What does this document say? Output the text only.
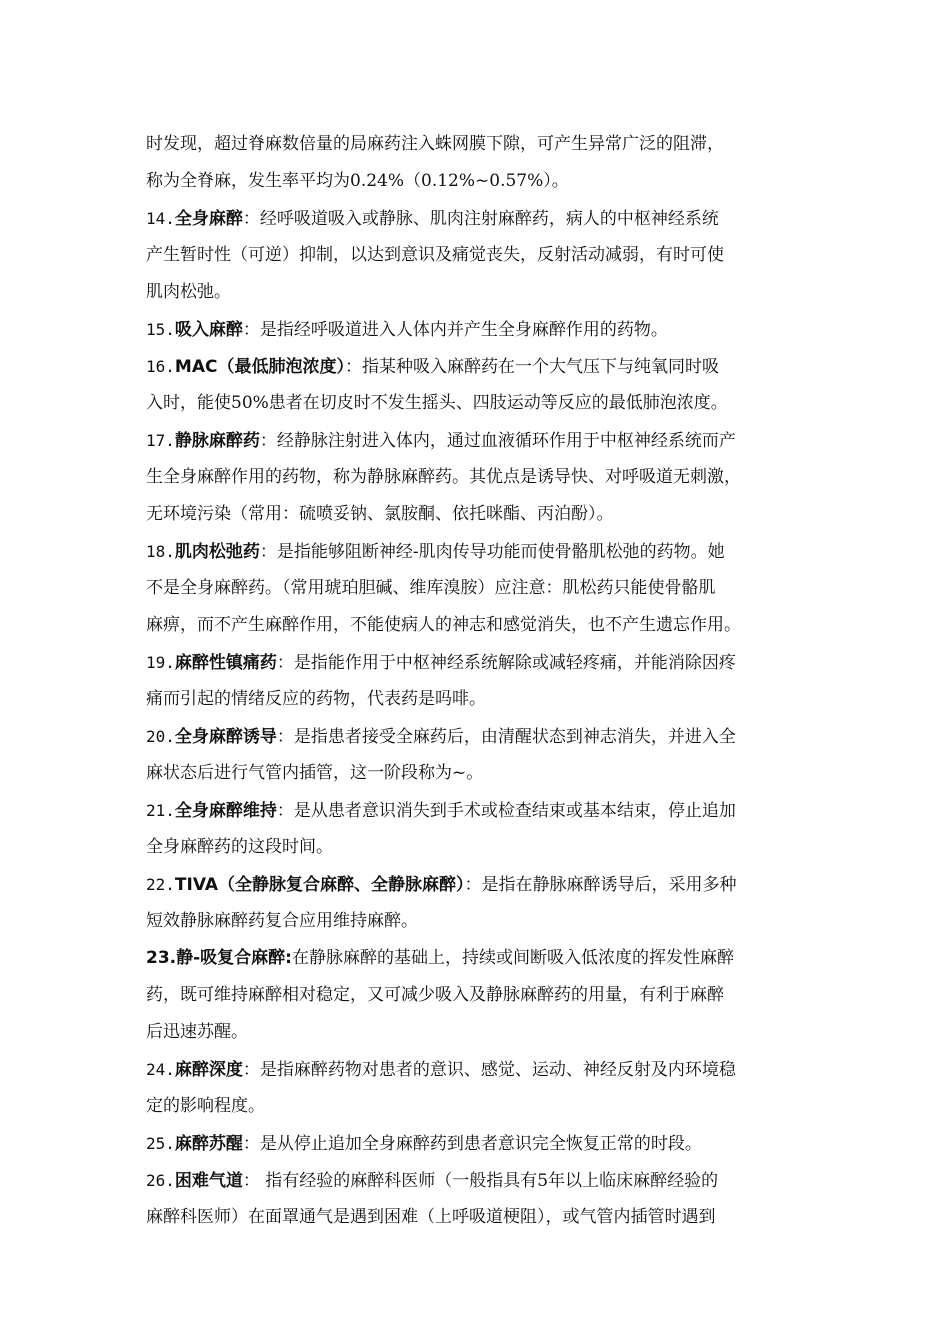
时发现，超过脊麻数倍量的局麻药注入蛛网膜下隙，可产生异常广泛的阻滞，
称为全脊麻，发生率平均为0.24%（0.12%~0.57%）。
14.全身麻醉：经呼吸道吸入或静脉、肌肉注射麻醉药，病人的中枢神经系统
产生暂时性（可逆）抑制，以达到意识及痛觉丧失，反射活动减弱，有时可使
肌肉松弛。
15.吸入麻醉：是指经呼吸道进入人体内并产生全身麻醉作用的药物。
16.MAC（最低肺泡浓度）：指某种吸入麻醉药在一个大气压下与纯氧同时吸
入时，能使50%患者在切皮时不发生摇头、四肢运动等反应的最低肺泡浓度。
17.静脉麻醉药：经静脉注射进入体内，通过血液循环作用于中枢神经系统而产
生全身麻醉作用的药物，称为静脉麻醉药。其优点是诱导快、对呼吸道无刺激，
无环境污染（常用：硫喷妥钠、氯胺酮、依托咪酯、丙泊酚）。
18.肌肉松弛药：是指能够阻断神经-肌肉传导功能而使骨骼肌松弛的药物。她
不是全身麻醉药。（常用琥珀胆碱、维库溴胺）应注意：肌松药只能使骨骼肌
麻痹，而不产生麻醉作用，不能使病人的神志和感觉消失，也不产生遗忘作用。
19.麻醉性镇痛药：是指能作用于中枢神经系统解除或减轻疼痛，并能消除因疼
痛而引起的情绪反应的药物，代表药是吗啡。
20.全身麻醉诱导：是指患者接受全麻药后，由清醒状态到神志消失，并进入全
麻状态后进行气管内插管，这一阶段称为~。
21.全身麻醉维持：是从患者意识消失到手术或检查结束或基本结束，停止追加
全身麻醉药的这段时间。
22.TIVA（全静脉复合麻醉、全静脉麻醉）：是指在静脉麻醉诱导后，采用多种
短效静脉麻醉药复合应用维持麻醉。
23.静-吸复合麻醉:在静脉麻醉的基础上，持续或间断吸入低浓度的挥发性麻醉
药，既可维持麻醉相对稳定，又可减少吸入及静脉麻醉药的用量，有利于麻醉
后迅速苏醒。
24.麻醉深度：是指麻醉药物对患者的意识、感觉、运动、神经反射及内环境稳
定的影响程度。
25.麻醉苏醒：是从停止追加全身麻醉药到患者意识完全恢复正常的时段。
26.困难气道： 指有经验的麻醉科医师（一般指具有5年以上临床麻醉经验的
麻醉科医师）在面罩通气是遇到困难（上呼吸道梗阻），或气管内插管时遇到
